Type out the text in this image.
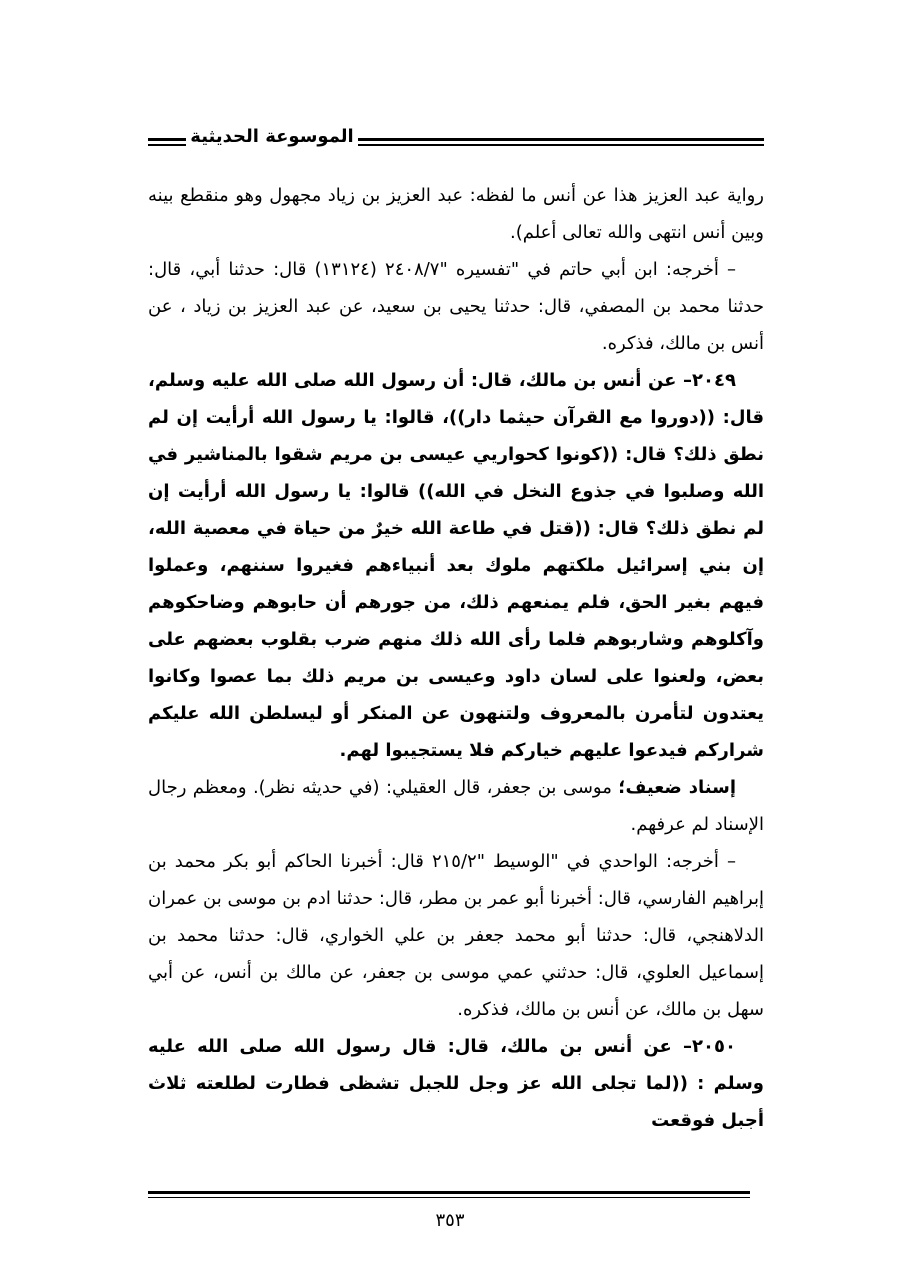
الموسوعة الحديثية

رواية عبد العزيز هذا عن أنس ما لفظه: عبد العزيز بن زياد مجهول وهو منقطع بينه وبين أنس انتهى والله تعالى أعلم).

– أخرجه: ابن أبي حاتم في "تفسيره "٢٤٠٨/٧ (١٣١٢٤) قال: حدثنا أبي، قال: حدثنا محمد بن المصفي، قال: حدثنا يحيى بن سعيد، عن عبد العزيز بن زياد ، عن أنس بن مالك، فذكره.

٢٠٤٩– عن أنس بن مالك، قال: أن رسول الله صلى الله عليه وسلم، قال: ((دوروا مع القرآن حيثما دار))، قالوا: يا رسول الله أرأيت إن لم نطق ذلك؟ قال: ((كونوا كحواريي عيسى بن مريم شقوا بالمناشير في الله وصلبوا في جذوع النخل في الله)) قالوا: يا رسول الله أرأيت إن لم نطق ذلك؟ قال: ((قتل في طاعة الله خيرٌ من حياة في معصية الله، إن بني إسرائيل ملكتهم ملوك بعد أنبياءهم فغيروا سننهم، وعملوا فيهم بغير الحق، فلم يمنعهم ذلك، من جورهم أن حابوهم وضاحكوهم وآكلوهم وشاربوهم فلما رأى الله ذلك منهم ضرب بقلوب بعضهم على بعض، ولعنوا على لسان داود وعيسى بن مريم ذلك بما عصوا وكانوا يعتدون لتأمرن بالمعروف ولتنهون عن المنكر أو ليسلطن الله عليكم شراركم فيدعوا عليهم خياركم فلا يستجيبوا لهم.

إسناد ضعيف؛ موسى بن جعفر، قال العقيلي: (في حديثه نظر). ومعظم رجال الإسناد لم عرفهم.

– أخرجه: الواحدي في "الوسيط "٢١٥/٢ قال: أخبرنا الحاكم أبو بكر محمد بن إبراهيم الفارسي، قال: أخبرنا أبو عمر بن مطر، قال: حدثنا ادم بن موسى بن عمران الدلاهنجي، قال: حدثنا أبو محمد جعفر بن علي الخواري، قال: حدثنا محمد بن إسماعيل العلوي، قال: حدثني عمي موسى بن جعفر، عن مالك بن أنس، عن أبي سهل بن مالك، عن أنس بن مالك، فذكره.

٢٠٥٠– عن أنس بن مالك، قال: قال رسول الله صلى الله عليه وسلم : ((لما تجلى الله عز وجل للجبل تشظى فطارت لطلعته ثلاث أجبل فوقعت

٣٥٣
